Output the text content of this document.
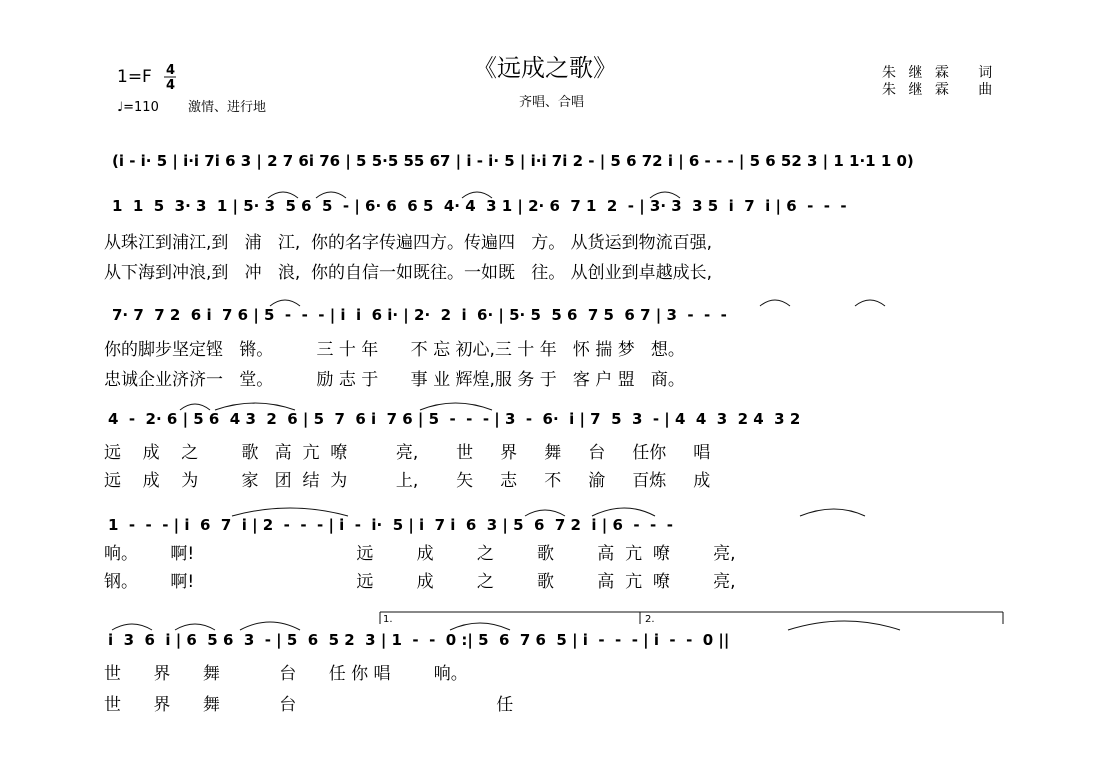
《远成之歌》
1=F 4
4
♩=110 激情、进行地	齐唱、合唱
朱 继 霖   词
朱 继 霖   曲
(i - i· 5 | i·i 7i 6 3 | 2 7 6i 76 | 5 5·5 55 67 | i - i· 5 | i·i 7i 2 - | 5 6 72 i | 6 - - - | 5 6 52 3 | 1 1·1 1 0)
1  1  5  3· 3  1 | 5· 3  5 6  5  - | 6· 6  6 5  4· 4  3 1 | 2· 6  7 1  2  - | 3· 3  3 5  i  7  i | 6  -  -  -
从珠江到浦江,到   浦   江,  你的名字传遍四方。传遍四   方。 从货运到物流百强,
从下海到冲浪,到   冲   浪,  你的自信一如既往。一如既   往。 从创业到卓越成长,
7· 7  7 2  6 i  7 6 | 5  -  -  - | i  i  6 i· | 2·  2  i  6· | 5· 5  5 6  7 5  6 7 | 3  -  -  -
你的脚步坚定铿   锵。        三 十 年      不 忘 初心,三 十 年   怀 揣 梦   想。
忠诚企业济济一   堂。        励 志 于      事 业 辉煌,服 务 于   客 户 盟   商。
4  -  2· 6 | 5 6  4 3  2  6 | 5  7  6 i  7 6 | 5  -  -  - | 3  -  6·  i | 7  5  3  - | 4  4  3  2 4  3 2
远    成    之        歌   高  亢  嘹         亮,       世     界     舞     台     任你     唱
远    成    为        家   团  结  为         上,       矢     志     不     渝     百炼     成
1  -  -  - | i  6  7  i | 2  -  -  - | i  -  i·  5 | i  7 i  6  3 | 5  6  7 2  i | 6  -  -  -
响。      啊!                              远        成        之        歌        高  亢  嘹        亮,
钢。      啊!                              远        成        之        歌        高  亢  嘹        亮,
1.	2.
i  3  6  i | 6  5 6  3  - | 5  6  5 2  3 | 1  -  -  0 :| 5  6  7 6  5 | i  -  -  - | i  -  -  0 ||
世      界      舞           台      任 你 唱        响。
世      界      舞           台                                     任
